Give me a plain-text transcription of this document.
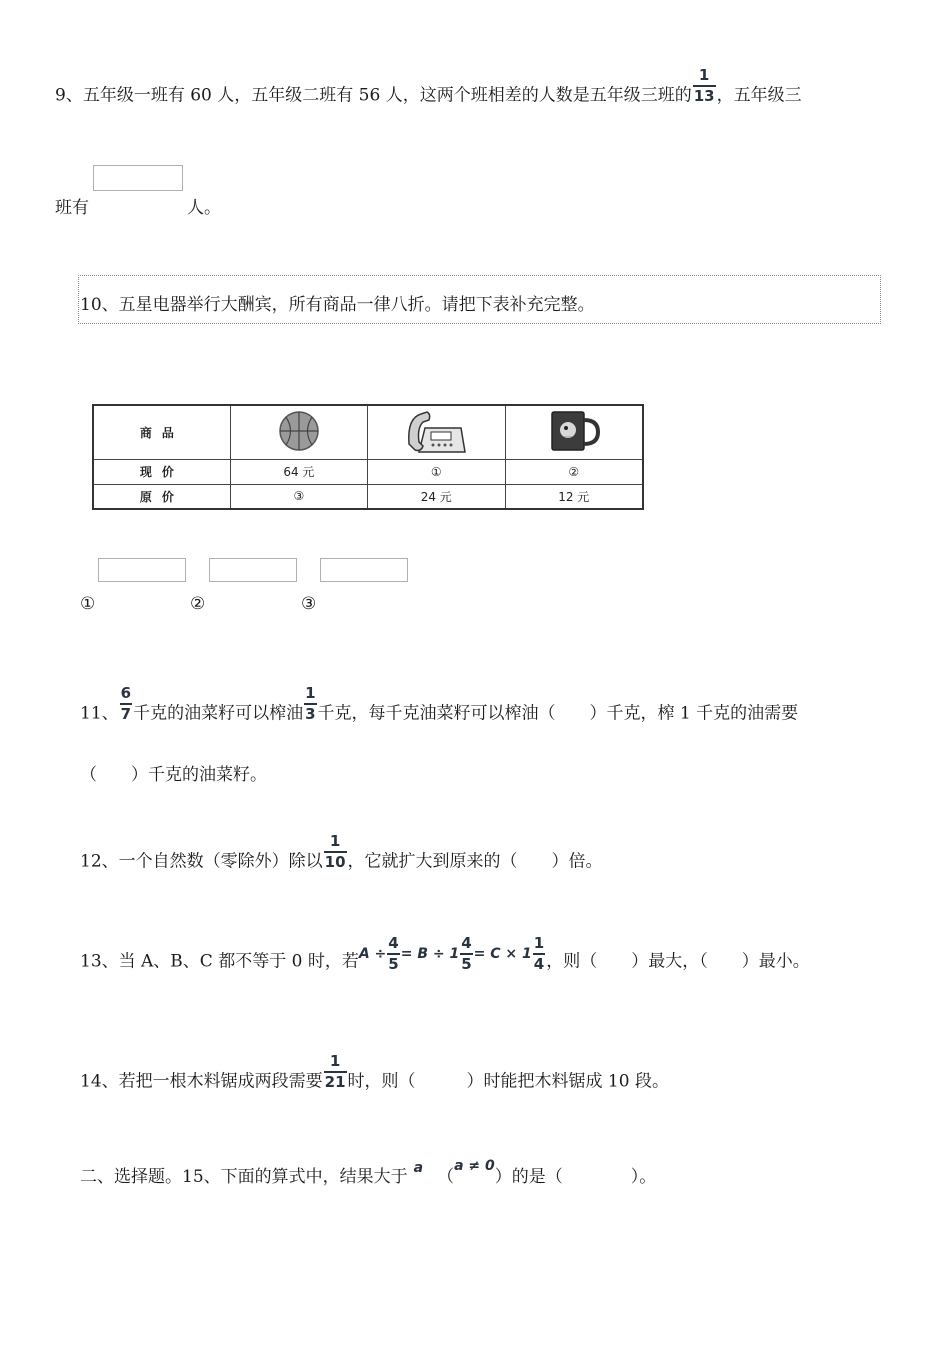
9、五年级一班有 60 人，五年级二班有 56 人，这两个班相差的人数是五年级三班的 $\frac{1}{13}$ ，五年级三
班有	人。
10、五星电器举行大酬宾，所有商品一律八折。请把下表补充完整。
商品			
现价	64 元	①	②
原价	③	24 元	12 元
①	②	③
11、 $\frac{6}{7}$ 千克的油菜籽可以榨油 $\frac{1}{3}$ 千克，每千克油菜籽可以榨油（　　）千克，榨 1 千克的油需要
（　　）千克的油菜籽。
12、一个自然数（零除外）除以 $\frac{1}{10}$ ，它就扩大到原来的（　　）倍。
13、当 A、B、C 都不等于 0 时，若$A \div \frac{4}{5} = B \div 1 \frac{4}{5} = C \times 1 \frac{1}{4}$ ，则（　　）最大，（　　）最小。
14、若把一根木料锯成两段需要 $\frac{1}{21}$ 时，则（　　　）时能把木料锯成 10 段。
二、选择题。15、下面的算式中，结果大于 $^a$ （$^{a \ne 0}$）的是（　　　　）。
